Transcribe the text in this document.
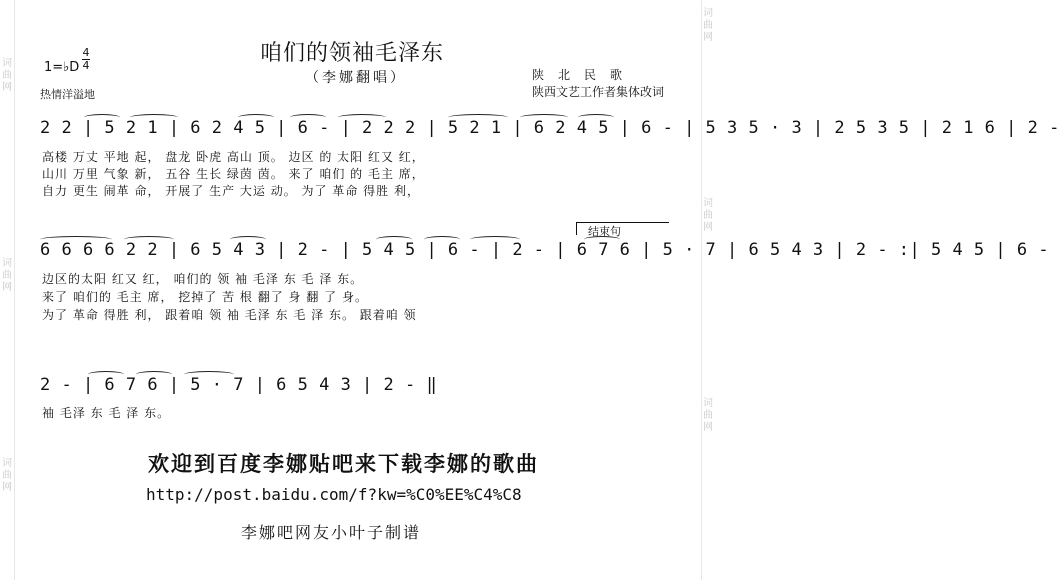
词
曲
网
词
曲
网
词
曲
网
词
曲
网
词
曲
网
词
曲
网
咱们的领袖毛泽东
（李娜翻唱）
1=♭D
4
4
热情洋溢地
陕北民歌
陕西文艺工作者集体改词
2 2 | 5 2 1 | 6 2 4 5 | 6 - | 2 2 2 | 5 2 1 | 6 2 4 5 | 6 - | 5 3 5 · 3 | 2 5 3 5 | 2 1 6 | 2 -
高楼 万丈 平地 起， 盘龙 卧虎 高山 顶。 边区 的 太阳 红又 红，
山川 万里 气象 新， 五谷 生长 绿茵 茵。 来了 咱们 的 毛主 席，
自力 更生 闹革 命， 开展了 生产 大运 动。 为了 革命 得胜 利，
结束句
6 6 6 6 2 2 | 6 5 4 3 | 2 - | 5 4 5 | 6 - | 2 - | 6 7 6 | 5 · 7 | 6 5 4 3 | 2 - :| 5 4 5 | 6 -
边区的太阳 红又 红， 咱们的 领 袖 毛泽 东 毛 泽 东。
来了 咱们的 毛主 席， 挖掉了 苦 根 翻了 身 翻 了 身。
为了 革命 得胜 利， 跟着咱 领 袖 毛泽 东 毛 泽 东。 跟着咱 领
2 - | 6 7 6 | 5 · 7 | 6 5 4 3 | 2 - ‖
袖 毛泽 东 毛 泽 东。
欢迎到百度李娜贴吧来下载李娜的歌曲
http://post.baidu.com/f?kw=%C0%EE%C4%C8
李娜吧网友小叶子制谱
